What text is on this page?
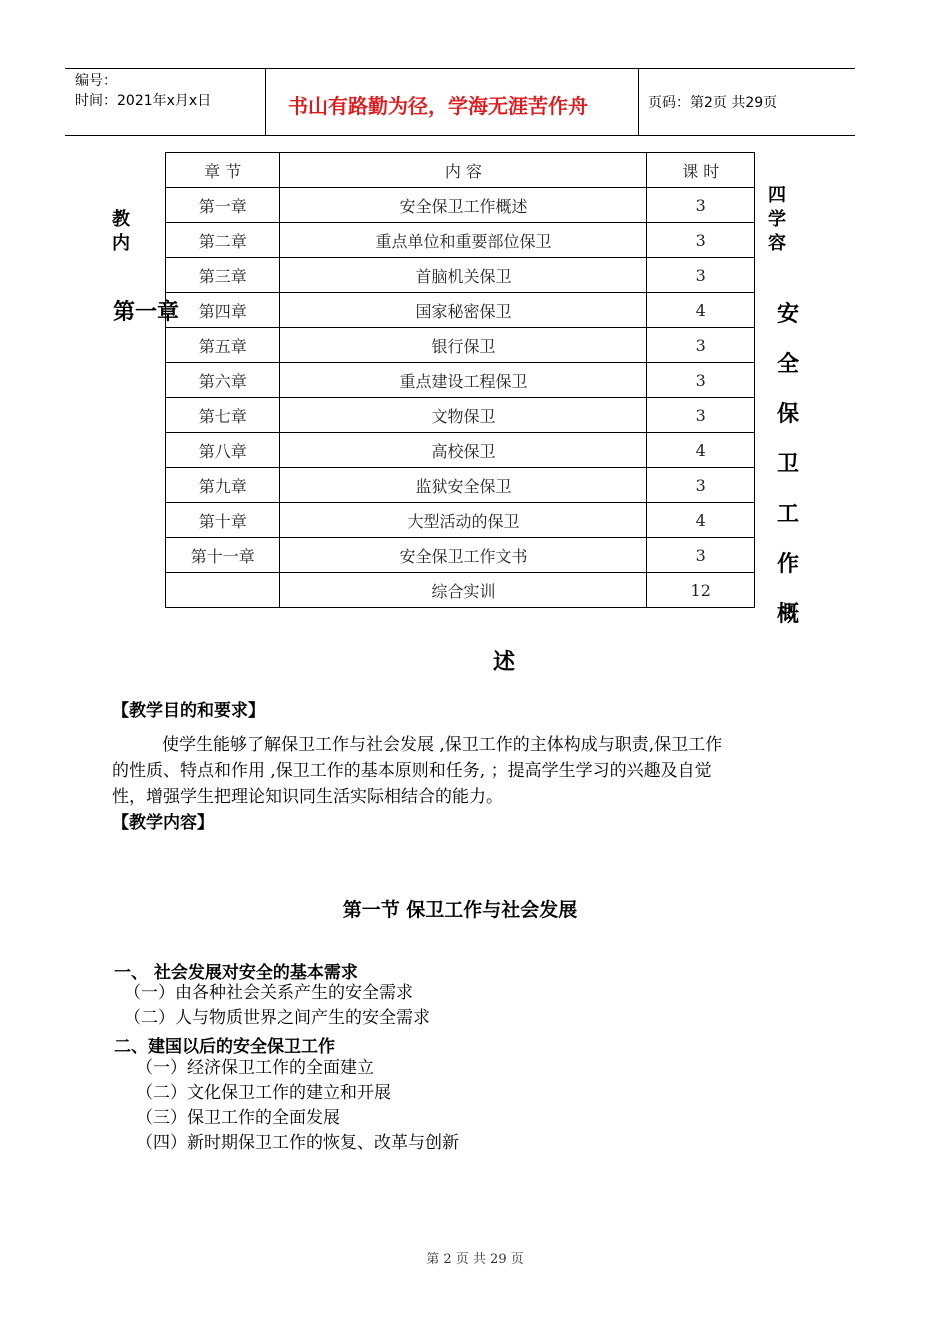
编号：
时间：2021年x月x日	书山有路勤为径，学海无涯苦作舟	页码：第2页 共29页
教
内
四
学
容
第一章	安
全
保
卫
工
作
概
述
章 节	内 容	课 时
第一章	安全保卫工作概述	3
第二章	重点单位和重要部位保卫	3
第三章	首脑机关保卫	3
第四章	国家秘密保卫	4
第五章	银行保卫	3
第六章	重点建设工程保卫	3
第七章	文物保卫	3
第八章	高校保卫	4
第九章	监狱安全保卫	3
第十章	大型活动的保卫	4
第十一章	安全保卫工作文书	3
	综合实训	12
【教学目的和要求】
使学生能够了解保卫工作与社会发展 ,保卫工作的主体构成与职责,保卫工作
的性质、特点和作用 ,保卫工作的基本原则和任务, ；提高学生学习的兴趣及自觉
性，增强学生把理论知识同生活实际相结合的能力。
【教学内容】
第一节 保卫工作与社会发展
一、 社会发展对安全的基本需求
（一）由各种社会关系产生的安全需求
（二）人与物质世界之间产生的安全需求
二、建国以后的安全保卫工作
（一）经济保卫工作的全面建立
（二）文化保卫工作的建立和开展
（三）保卫工作的全面发展
（四）新时期保卫工作的恢复、改革与创新
第 2 页 共 29 页
